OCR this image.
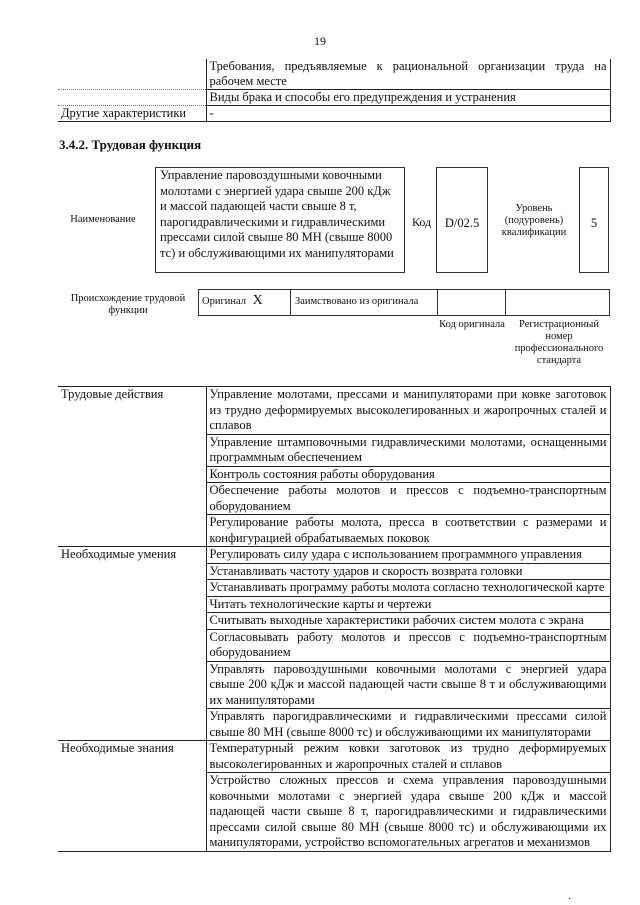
19
	Требования, предъявляемые к рациональной организации труда на рабочем месте
	Виды брака и способы его предупреждения и устранения
Другие характеристики	-
3.4.2. Трудовая функция
Наименование
Управление паровоздушными ковочными молотами с энергией удара свыше 200 кДж и массой падающей части свыше 8 т, парогидравлическими и гидравлическими прессами силой свыше 80 МН (свыше 8000 тс) и обслуживающими их манипуляторами
Код	D/02.5
Уровень (подуровень) квалификации
5
Происхождение трудовой функции
Оригинал X	Заимствовано из оригинала
Код оригинала	Регистрационный номер профессионального стандарта
Трудовые действия	Управление молотами, прессами и манипуляторами при ковке заготовок из трудно деформируемых высоколегированных и жаропрочных сталей и сплавов
	Управление штамповочными гидравлическими молотами, оснащенными программным обеспечением
	Контроль состояния работы оборудования
	Обеспечение работы молотов и прессов с подъемно-транспортным оборудованием
	Регулирование работы молота, пресса в соответствии с размерами и конфигурацией обрабатываемых поковок
Необходимые умения	Регулировать силу удара с использованием программного управления
	Устанавливать частоту ударов и скорость возврата головки
	Устанавливать программу работы молота согласно технологической карте
	Читать технологические карты и чертежи
	Считывать выходные характеристики рабочих систем молота с экрана
	Согласовывать работу молотов и прессов с подъемно-транспортным оборудованием
	Управлять паровоздушными ковочными молотами с энергией удара свыше 200 кДж и массой падающей части свыше 8 т и обслуживающими их манипуляторами
	Управлять парогидравлическими и гидравлическими прессами силой свыше 80 МН (свыше 8000 тс) и обслуживающими их манипуляторами
Необходимые знания	Температурный режим ковки заготовок из трудно деформируемых высоколегированных и жаропрочных сталей и сплавов
	Устройство сложных прессов и схема управления паровоздушными ковочными молотами с энергией удара свыше 200 кДж и массой падающей части свыше 8 т, парогидравлическими и гидравлическими прессами силой свыше 80 МН (свыше 8000 тс) и обслуживающими их манипуляторами, устройство вспомогательных агрегатов и механизмов
·
